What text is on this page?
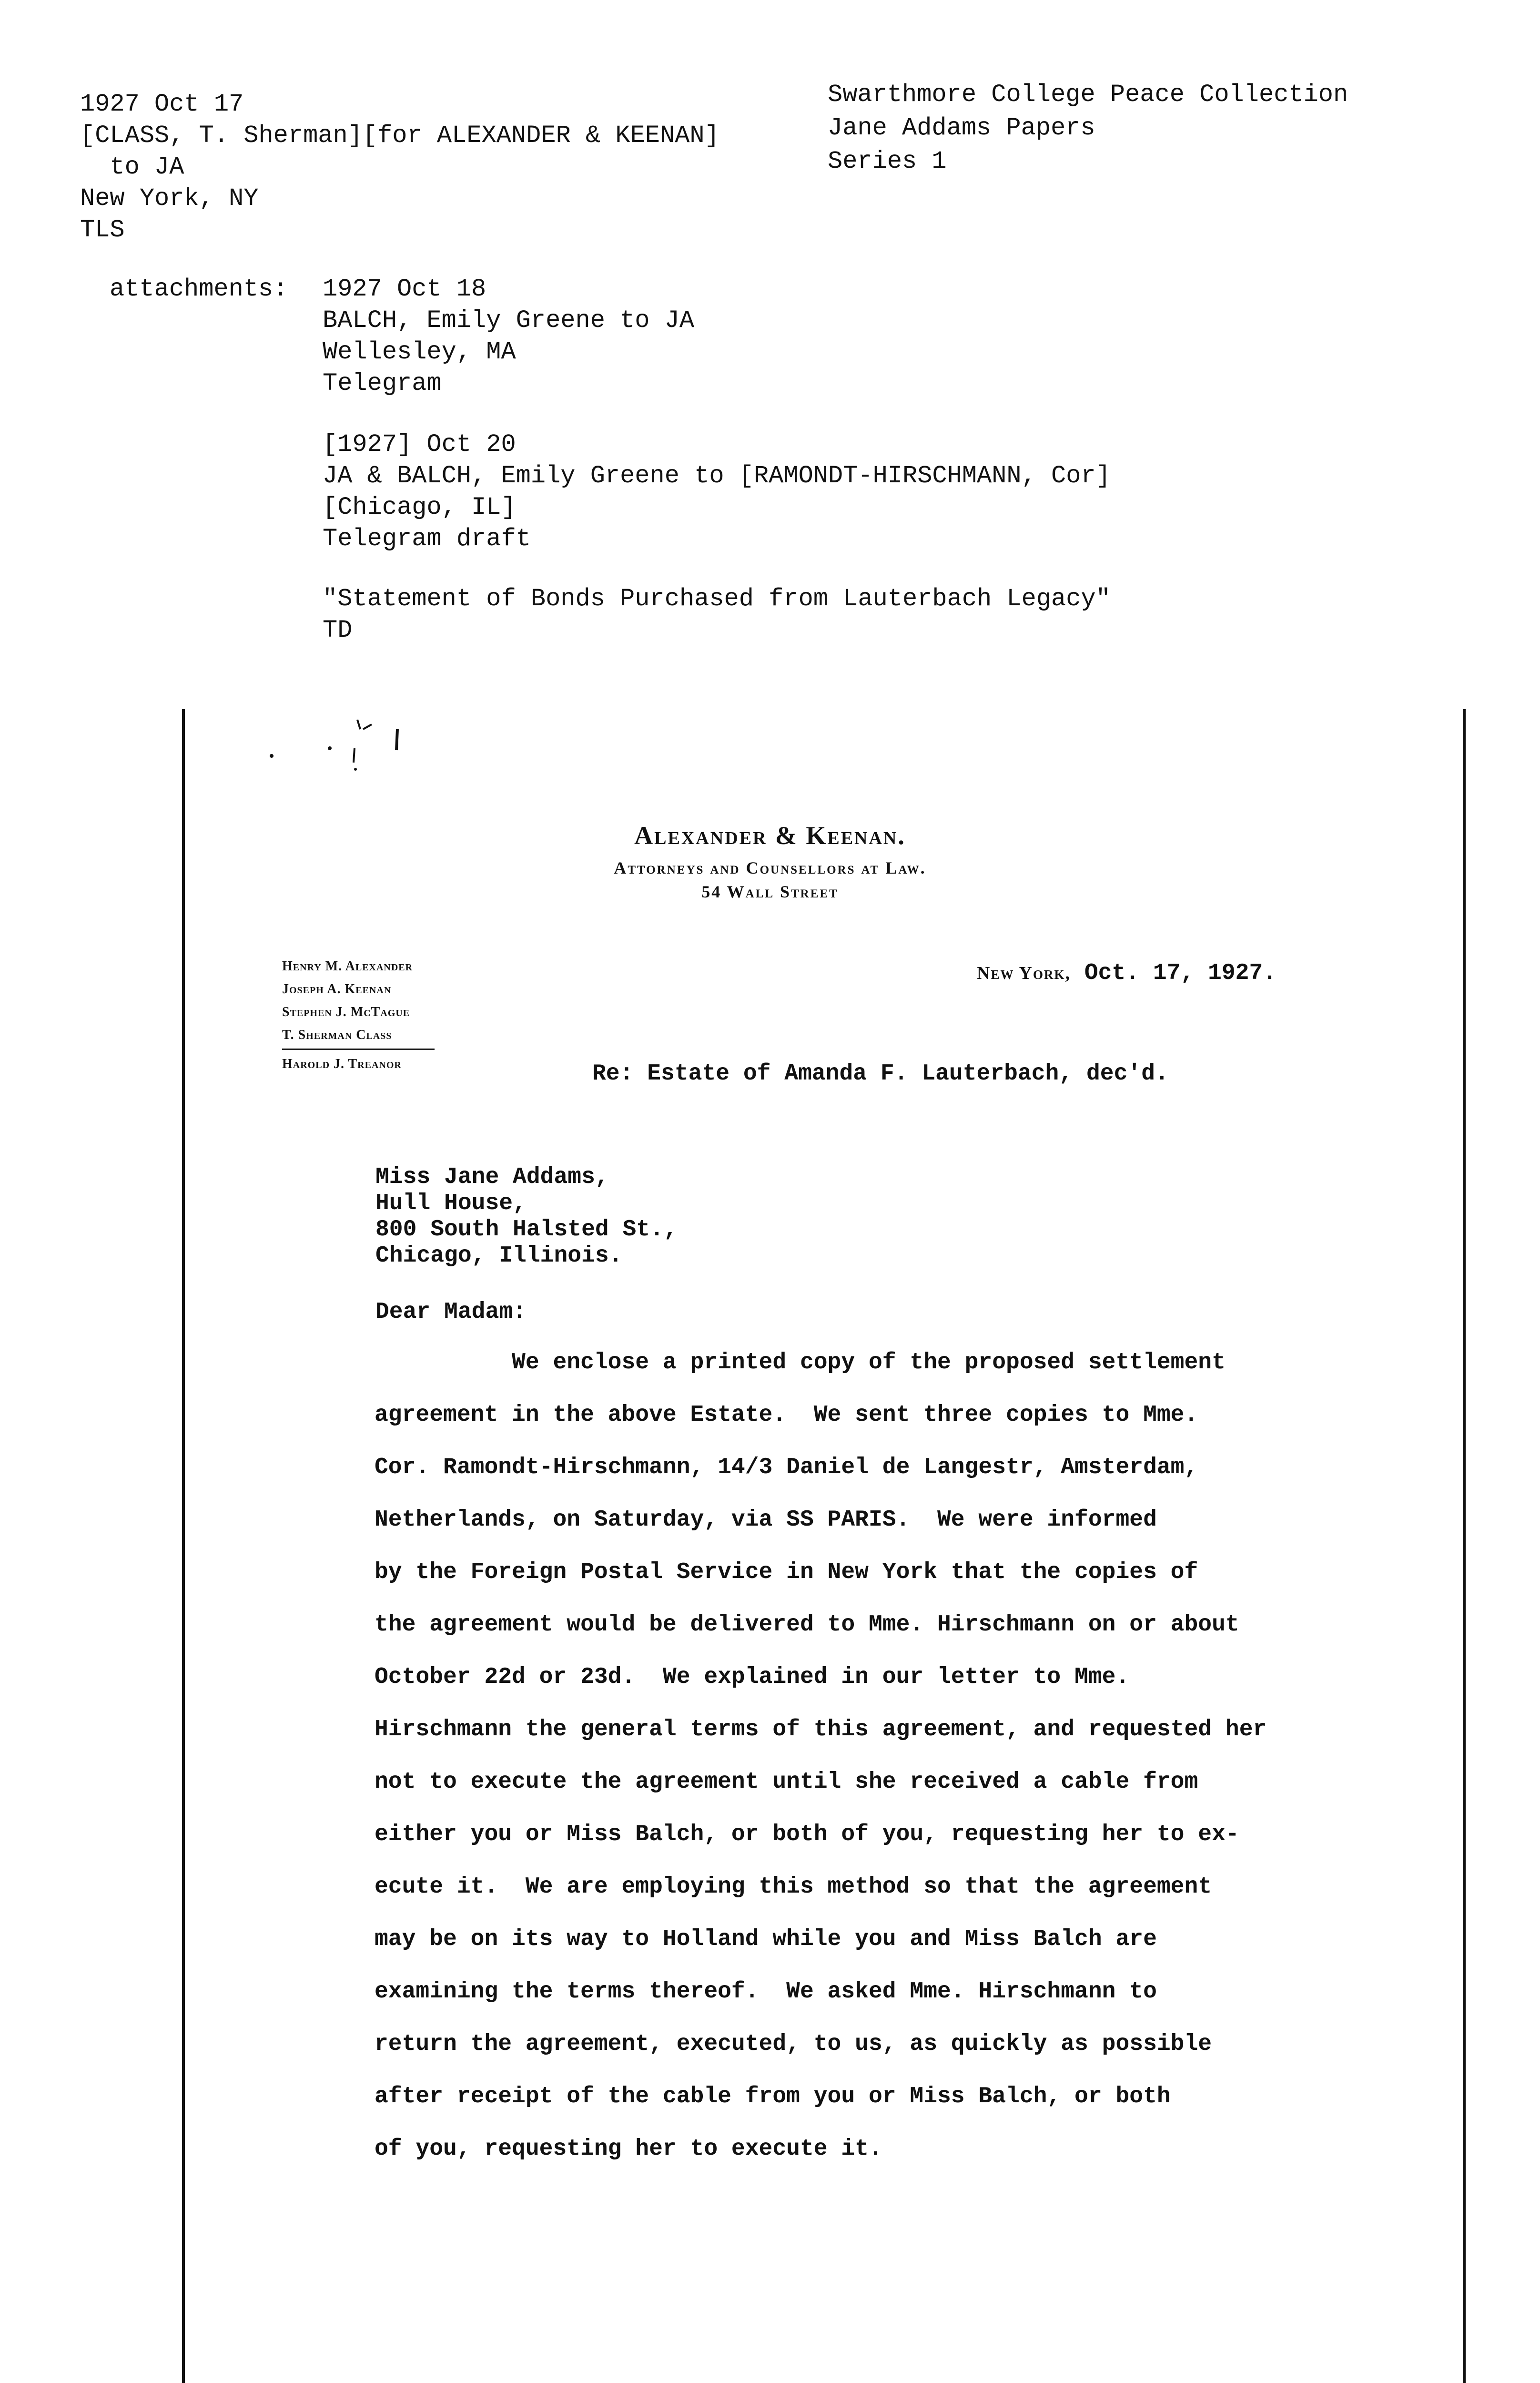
1927 Oct 17
[CLASS, T. Sherman][for ALEXANDER & KEENAN]
to JA
New York, NY
TLS
Swarthmore College Peace Collection
Jane Addams Papers
Series 1
attachments: 1927 Oct 18
BALCH, Emily Greene to JA
Wellesley, MA
Telegram
[1927] Oct 20
JA & BALCH, Emily Greene to [RAMONDT-HIRSCHMANN, Cor]
[Chicago, IL]
Telegram draft
"Statement of Bonds Purchased from Lauterbach Legacy"
TD
Alexander & Keenan.
Attorneys and Counsellors at Law.
54 Wall Street
Henry M. Alexander
Joseph A. Keenan
Stephen J. McTague
T. Sherman Class
Harold J. Treanor
New York, Oct. 17, 1927.
Re: Estate of Amanda F. Lauterbach, dec'd.
Miss Jane Addams,
Hull House,
800 South Halsted St.,
Chicago, Illinois.
Dear Madam:
We enclose a printed copy of the proposed settlement
agreement in the above Estate.  We sent three copies to Mme.
Cor. Ramondt-Hirschmann, 14/3 Daniel de Langestr, Amsterdam,
Netherlands, on Saturday, via SS PARIS.  We were informed
by the Foreign Postal Service in New York that the copies of
the agreement would be delivered to Mme. Hirschmann on or about
October 22d or 23d.  We explained in our letter to Mme.
Hirschmann the general terms of this agreement, and requested her
not to execute the agreement until she received a cable from
either you or Miss Balch, or both of you, requesting her to ex-
ecute it.  We are employing this method so that the agreement
may be on its way to Holland while you and Miss Balch are
examining the terms thereof.  We asked Mme. Hirschmann to
return the agreement, executed, to us, as quickly as possible
after receipt of the cable from you or Miss Balch, or both
of you, requesting her to execute it.
